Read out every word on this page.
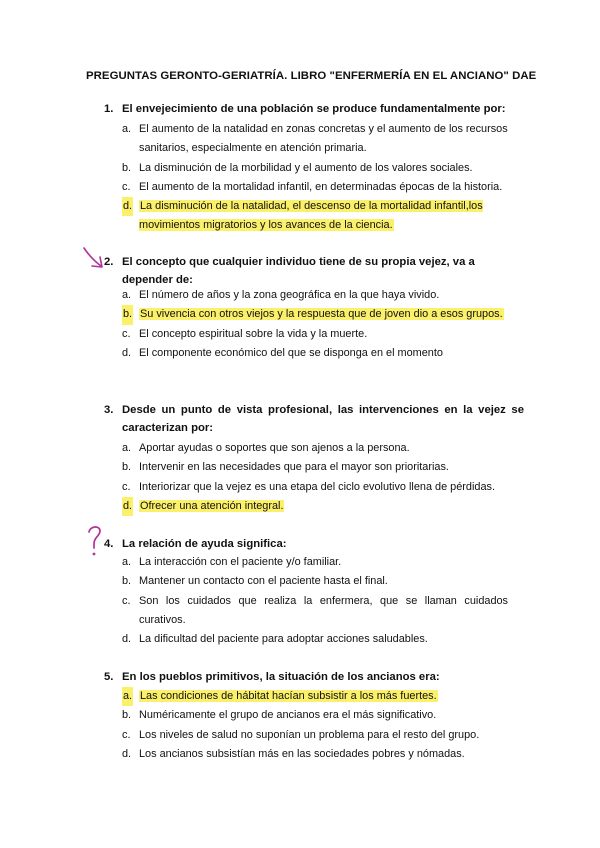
PREGUNTAS GERONTO-GERIATRÍA. LIBRO "ENFERMERÍA EN EL ANCIANO" DAE
1. El envejecimiento de una población se produce fundamentalmente por:
a. El aumento de la natalidad en zonas concretas y el aumento de los recursos sanitarios, especialmente en atención primaria.
b. La disminución de la morbilidad y el aumento de los valores sociales.
c. El aumento de la mortalidad infantil, en determinadas épocas de la historia.
d. La disminución de la natalidad, el descenso de la mortalidad infantil,los movimientos migratorios y los avances de la ciencia.
2. El concepto que cualquier individuo tiene de su propia vejez, va a depender de:
a. El número de años y la zona geográfica en la que haya vivido.
b. Su vivencia con otros viejos y la respuesta que de joven dio a esos grupos.
c. El concepto espiritual sobre la vida y la muerte.
d. El componente económico del que se disponga en el momento
3. Desde un punto de vista profesional, las intervenciones en la vejez se caracterizan por:
a. Aportar ayudas o soportes que son ajenos a la persona.
b. Intervenir en las necesidades que para el mayor son prioritarias.
c. Interiorizar que la vejez es una etapa del ciclo evolutivo llena de pérdidas.
d. Ofrecer una atención integral.
4. La relación de ayuda significa:
a. La interacción con el paciente y/o familiar.
b. Mantener un contacto con el paciente hasta el final.
c. Son los cuidados que realiza la enfermera, que se llaman cuidados curativos.
d. La dificultad del paciente para adoptar acciones saludables.
5. En los pueblos primitivos, la situación de los ancianos era:
a. Las condiciones de hábitat hacían subsistir a los más fuertes.
b. Numéricamente el grupo de ancianos era el más significativo.
c. Los niveles de salud no suponían un problema para el resto del grupo.
d. Los ancianos subsistían más en las sociedades pobres y nómadas.
